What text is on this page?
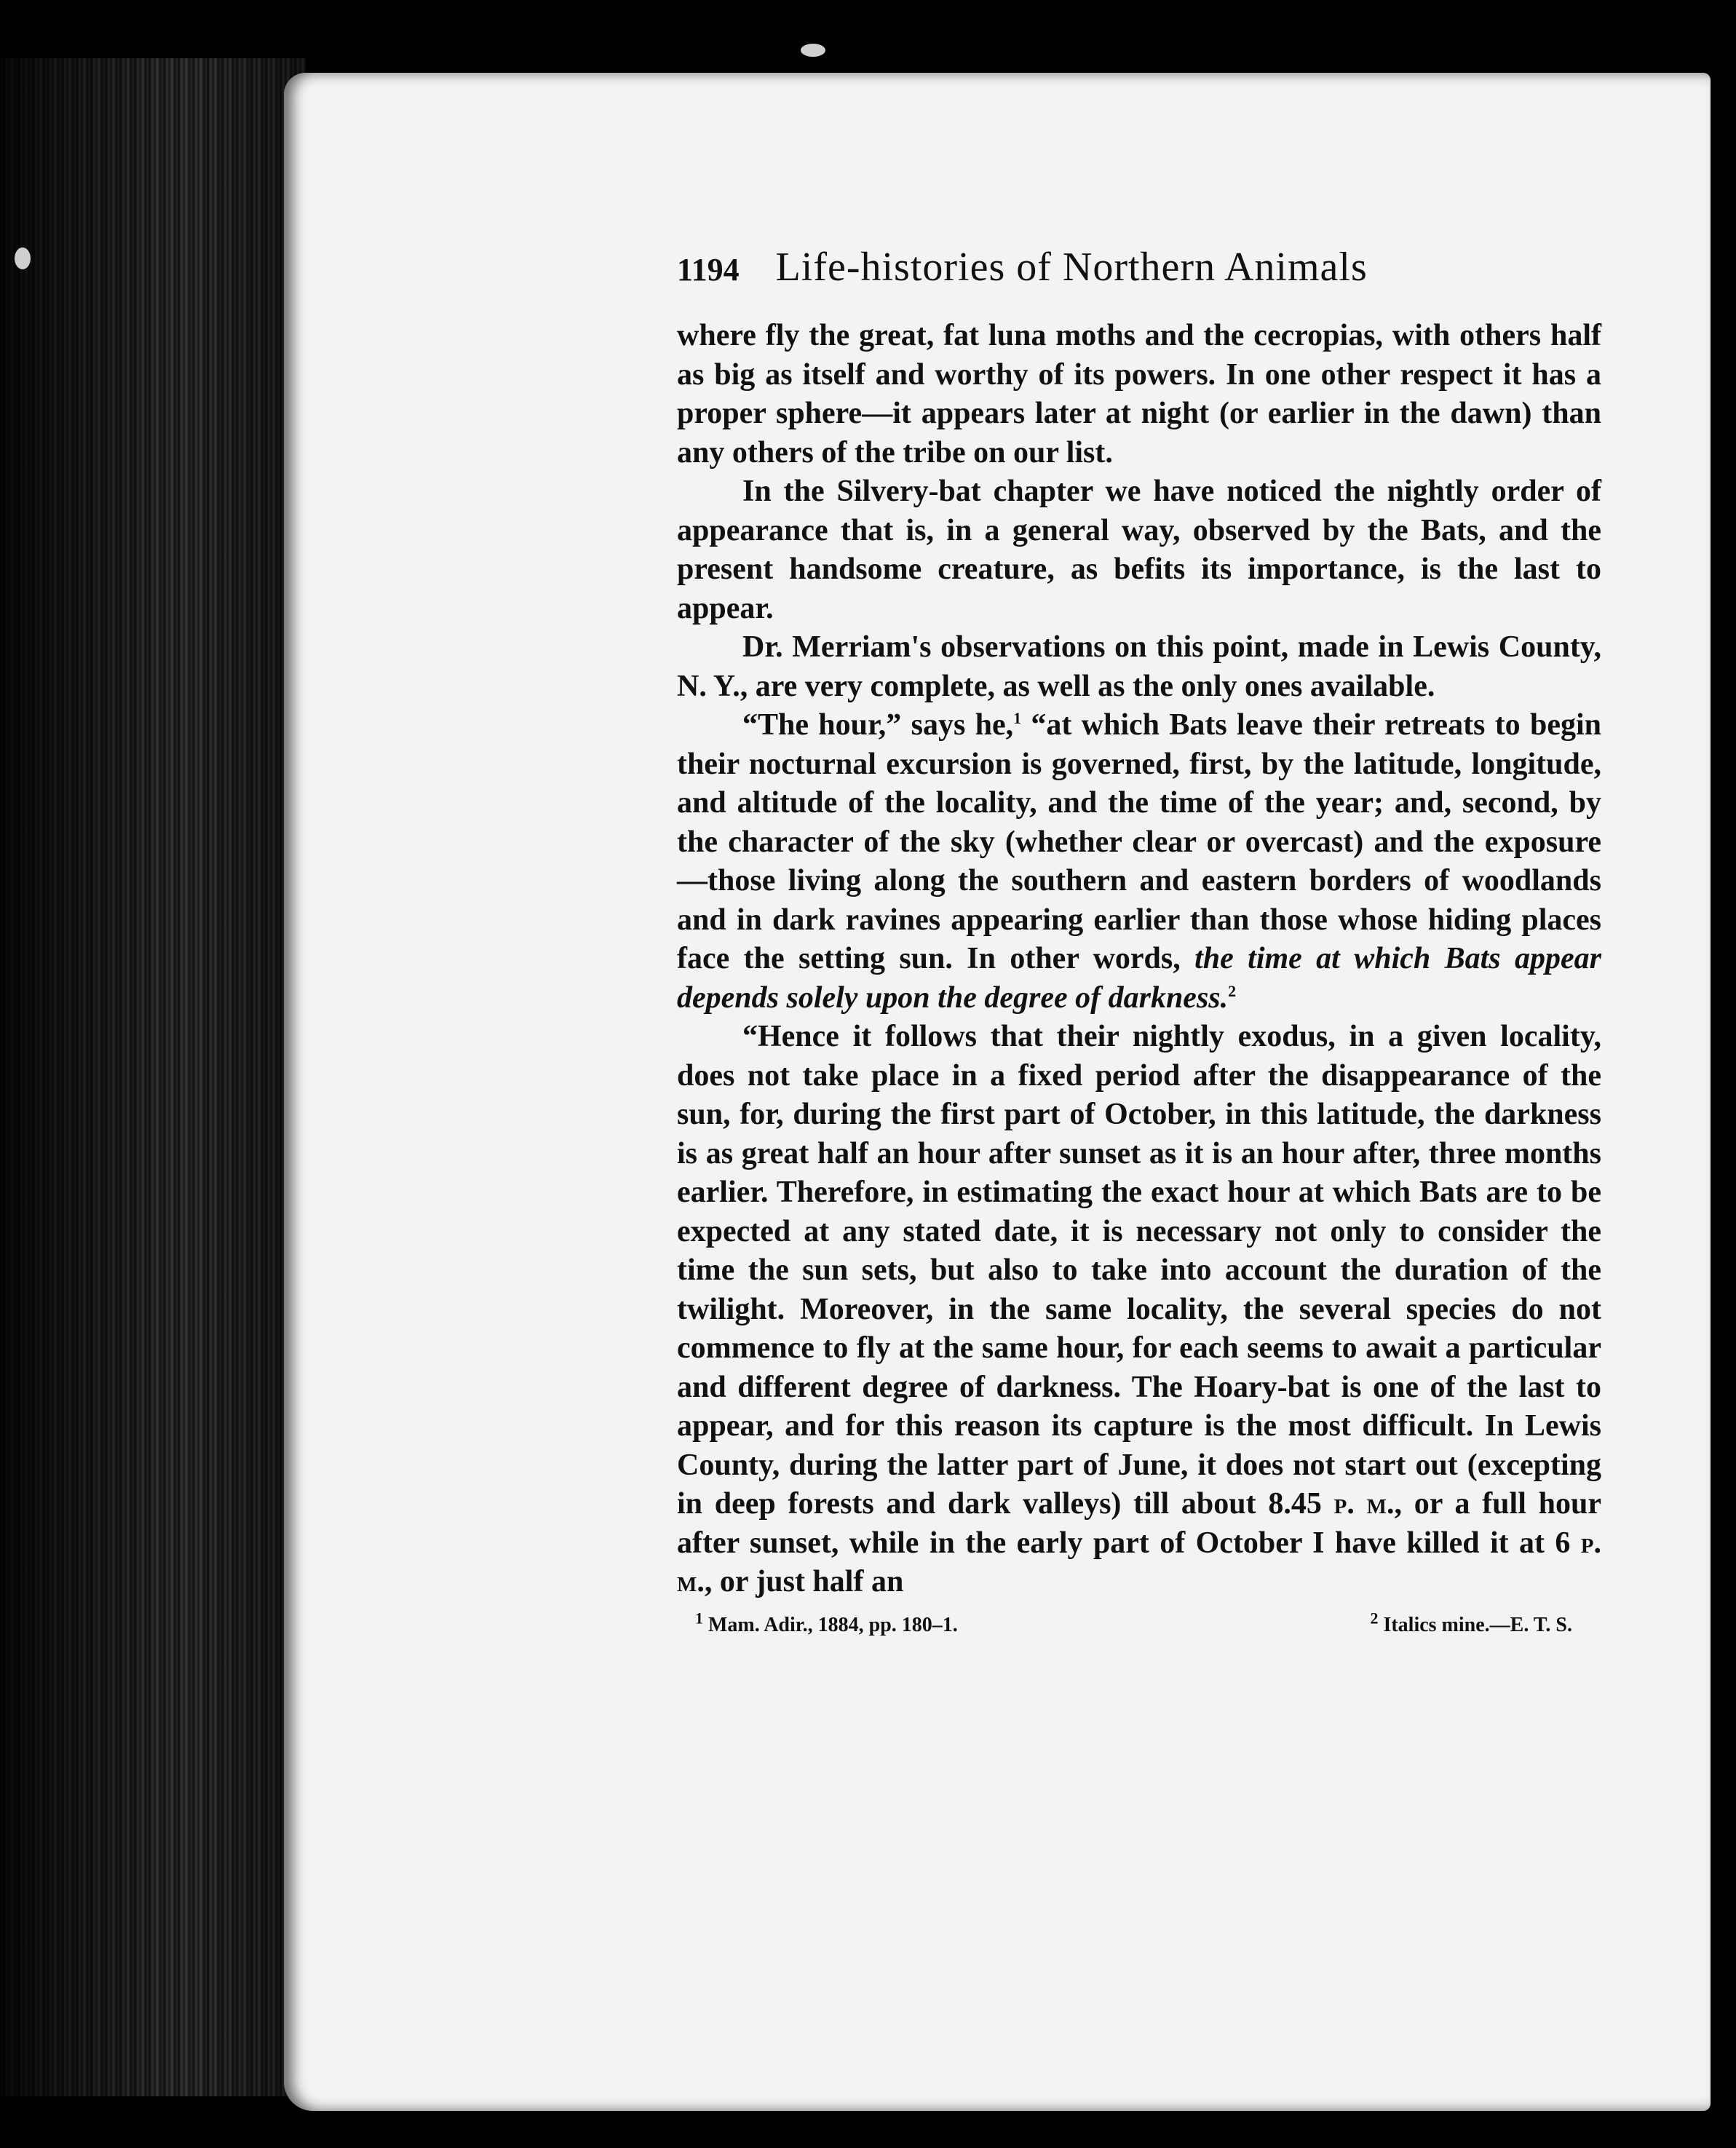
1194 Life-histories of Northern Animals

where fly the great, fat luna moths and the cecropias, with others half as big as itself and worthy of its powers. In one other respect it has a proper sphere—it appears later at night (or earlier in the dawn) than any others of the tribe on our list.

In the Silvery-bat chapter we have noticed the nightly order of appearance that is, in a general way, observed by the Bats, and the present handsome creature, as befits its importance, is the last to appear.

Dr. Merriam's observations on this point, made in Lewis County, N. Y., are very complete, as well as the only ones available.

“The hour,” says he,$^1$ “at which Bats leave their retreats to begin their nocturnal excursion is governed, first, by the latitude, longitude, and altitude of the locality, and the time of the year; and, second, by the character of the sky (whether clear or overcast) and the exposure—those living along the southern and eastern borders of woodlands and in dark ravines appearing earlier than those whose hiding places face the setting sun. In other words, the time at which Bats appear depends solely upon the degree of darkness.$^2$

“Hence it follows that their nightly exodus, in a given locality, does not take place in a fixed period after the disappearance of the sun, for, during the first part of October, in this latitude, the darkness is as great half an hour after sunset as it is an hour after, three months earlier. Therefore, in estimating the exact hour at which Bats are to be expected at any stated date, it is necessary not only to consider the time the sun sets, but also to take into account the duration of the twilight. Moreover, in the same locality, the several species do not commence to fly at the same hour, for each seems to await a particular and different degree of darkness. The Hoary-bat is one of the last to appear, and for this reason its capture is the most difficult. In Lewis County, during the latter part of June, it does not start out (excepting in deep forests and dark valleys) till about 8.45 p. m., or a full hour after sunset, while in the early part of October I have killed it at 6 p. m., or just half an

$^1$ Mam. Adir., 1884, pp. 180–1.	$^2$ Italics mine.—E. T. S.
